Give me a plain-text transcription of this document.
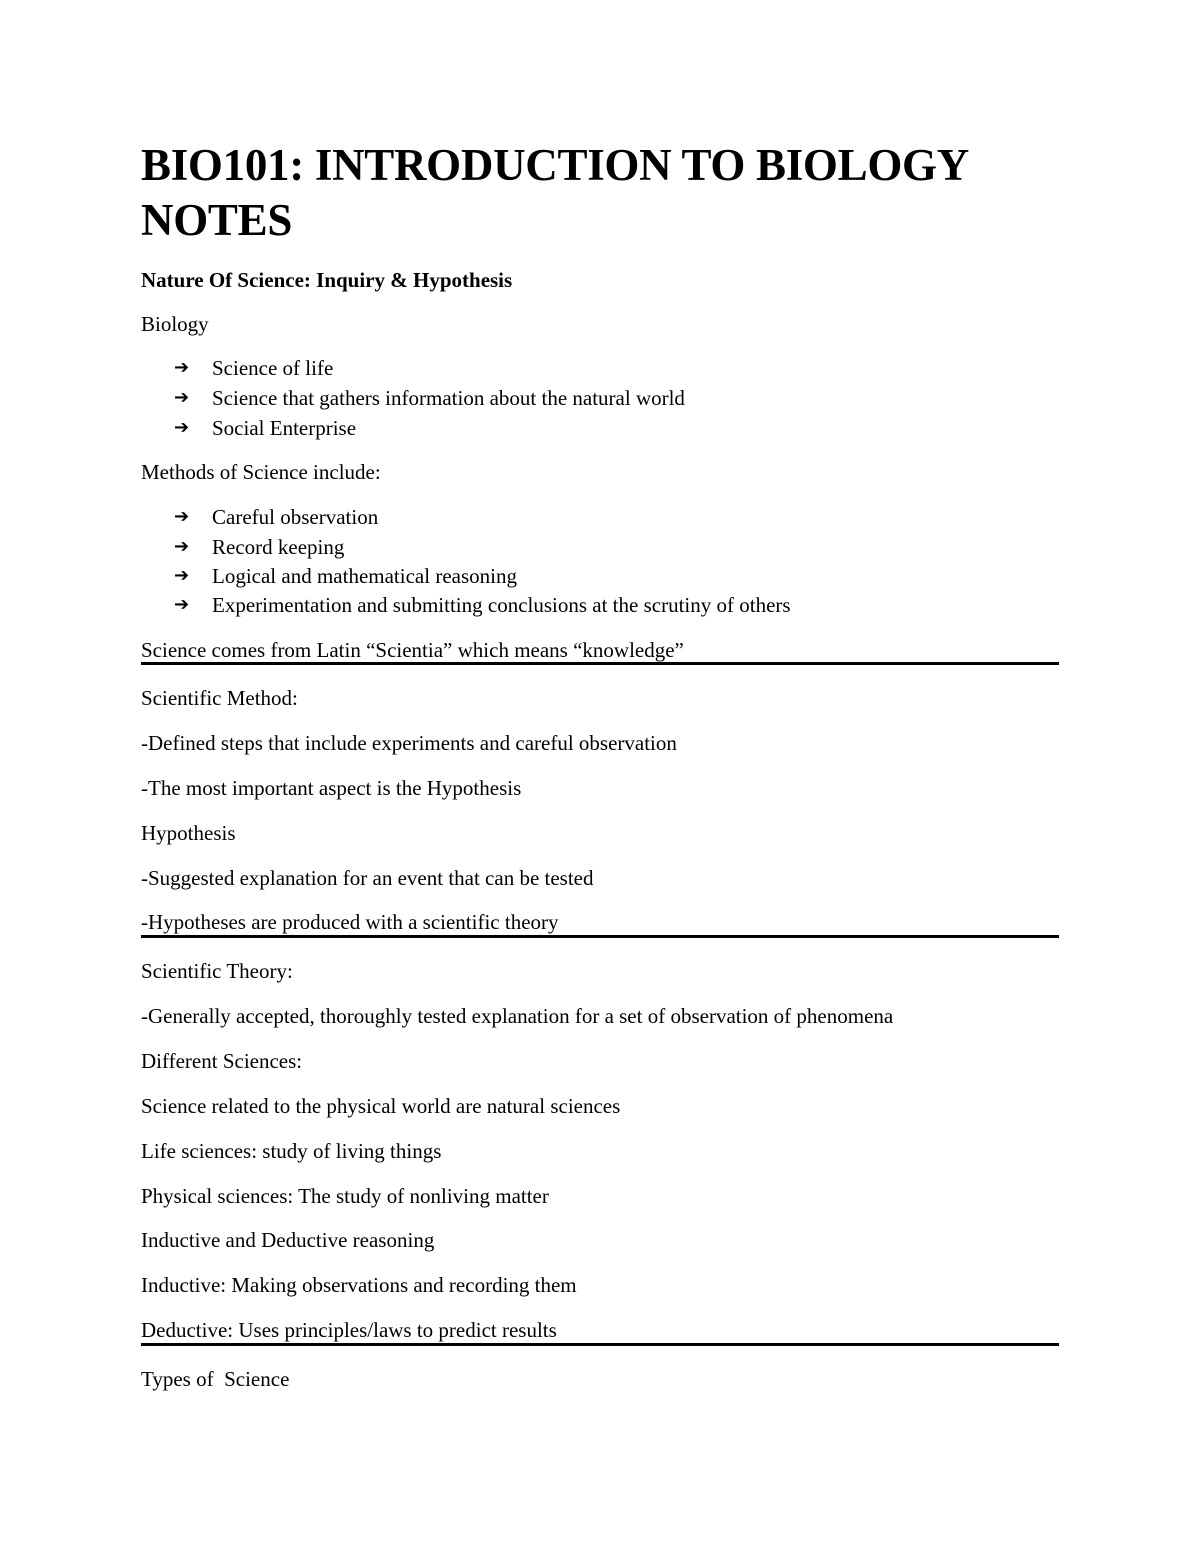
BIO101: INTRODUCTION TO BIOLOGY NOTES

Nature Of Science: Inquiry & Hypothesis

Biology

➔	Science of life
➔	Science that gathers information about the natural world
➔	Social Enterprise

Methods of Science include:

➔	Careful observation
➔	Record keeping
➔	Logical and mathematical reasoning
➔	Experimentation and submitting conclusions at the scrutiny of others

Science comes from Latin “Scientia” which means “knowledge”

Scientific Method:

-Defined steps that include experiments and careful observation

-The most important aspect is the Hypothesis

Hypothesis

-Suggested explanation for an event that can be tested

-Hypotheses are produced with a scientific theory

Scientific Theory:

-Generally accepted, thoroughly tested explanation for a set of observation of phenomena

Different Sciences:

Science related to the physical world are natural sciences

Life sciences: study of living things

Physical sciences: The study of nonliving matter

Inductive and Deductive reasoning

Inductive: Making observations and recording them

Deductive: Uses principles/laws to predict results

Types of  Science
